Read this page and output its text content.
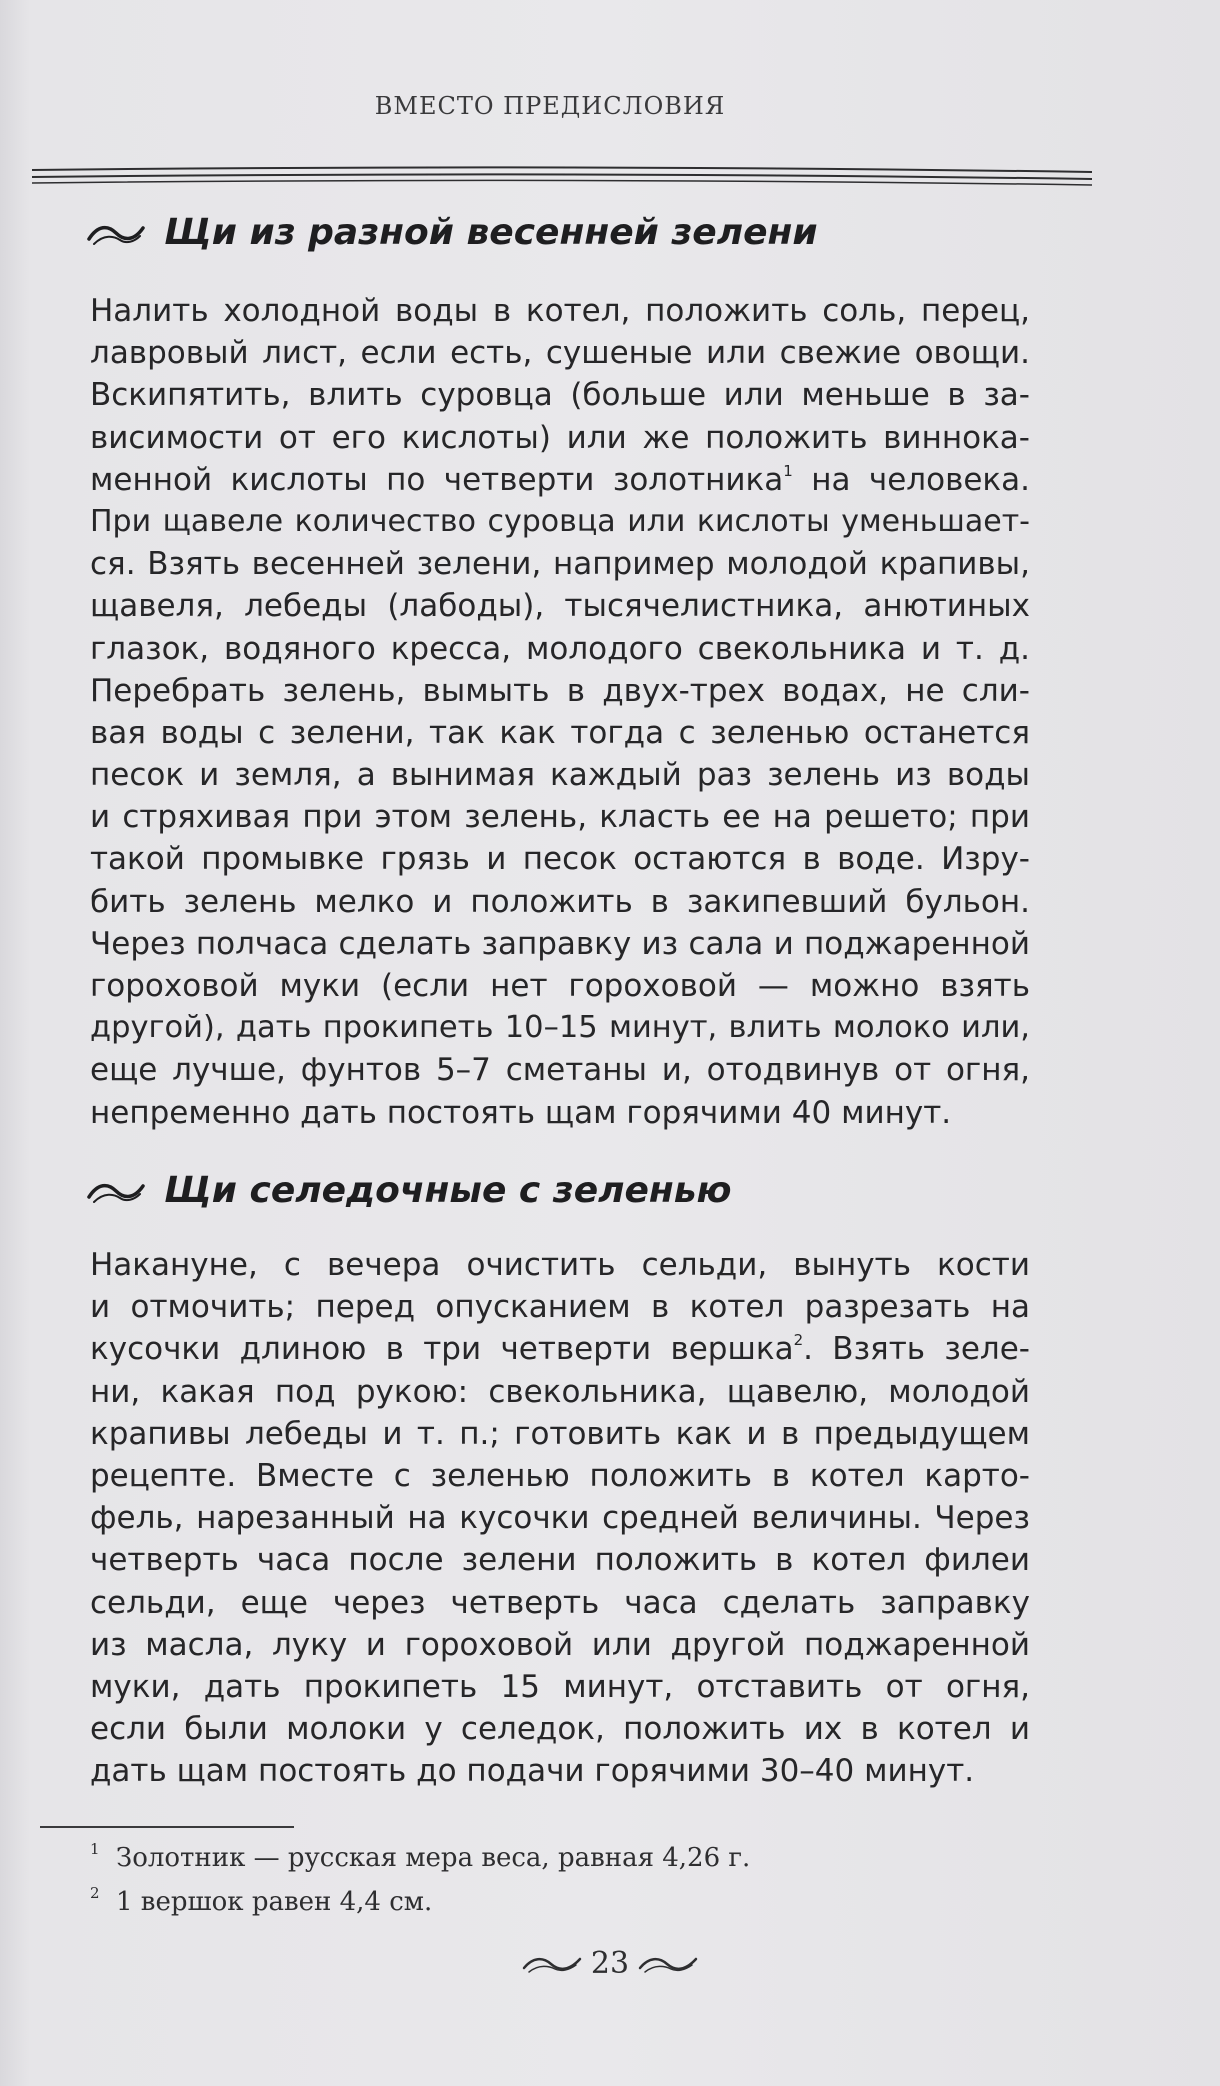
ВМЕСТО ПРЕДИСЛОВИЯ
Щи из разной весенней зелени
Налить холодной воды в котел, положить соль, перец,
лавровый лист, если есть, сушеные или свежие овощи.
Вскипятить, влить суровца (больше или меньше в за-
висимости от его кислоты) или же положить виннока-
менной кислоты по четверти золотника$^1$ на человека.
При щавеле количество суровца или кислоты уменьшает-
ся. Взять весенней зелени, например молодой крапивы,
щавеля, лебеды (лабоды), тысячелистника, анютиных
глазок, водяного кресса, молодого свекольника и т. д.
Перебрать зелень, вымыть в двух-трех водах, не сли-
вая воды с зелени, так как тогда с зеленью останется
песок и земля, а вынимая каждый раз зелень из воды
и стряхивая при этом зелень, класть ее на решето; при
такой промывке грязь и песок остаются в воде. Изру-
бить зелень мелко и положить в закипевший бульон.
Через полчаса сделать заправку из сала и поджаренной
гороховой муки (если нет гороховой — можно взять
другой), дать прокипеть 10–15 минут, влить молоко или,
еще лучше, фунтов 5–7 сметаны и, отодвинув от огня,
непременно дать постоять щам горячими 40 минут.
Щи селедочные с зеленью
Накануне, с вечера очистить сельди, вынуть кости
и отмочить; перед опусканием в котел разрезать на
кусочки длиною в три четверти вершка$^2$. Взять зеле-
ни, какая под рукою: свекольника, щавелю, молодой
крапивы лебеды и т. п.; готовить как и в предыдущем
рецепте. Вместе с зеленью положить в котел карто-
фель, нарезанный на кусочки средней величины. Через
четверть часа после зелени положить в котел филеи
сельди, еще через четверть часа сделать заправку
из масла, луку и гороховой или другой поджаренной
муки, дать прокипеть 15 минут, отставить от огня,
если были молоки у селедок, положить их в котел и
дать щам постоять до подачи горячими 30–40 минут.
1 Золотник — русская мера веса, равная 4,26 г.
2 1 вершок равен 4,4 см.
23
